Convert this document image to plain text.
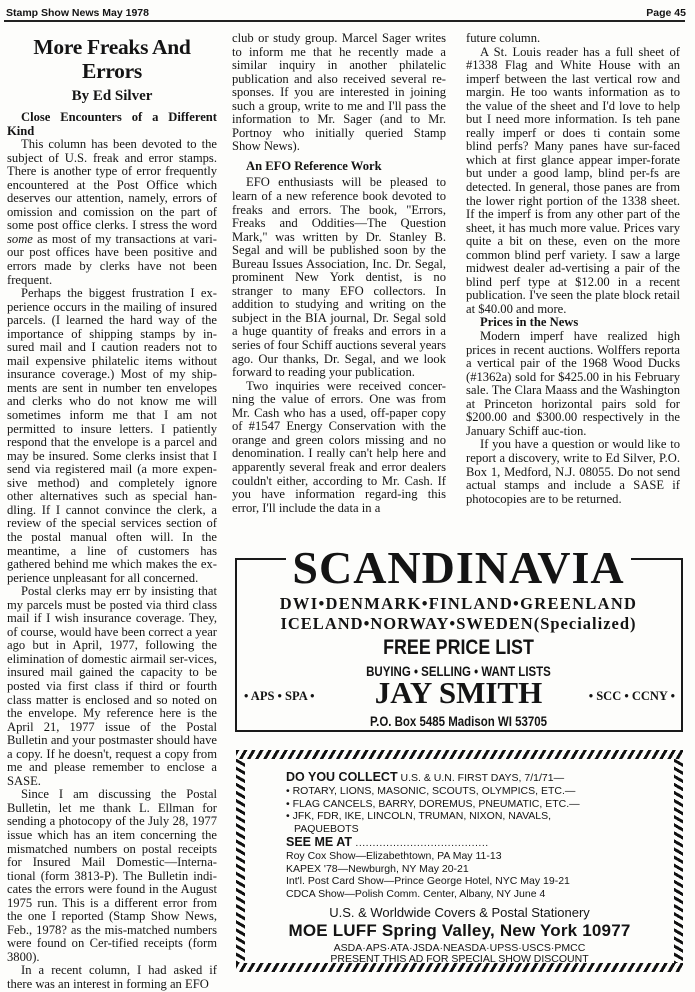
Stamp Show News May 1978	Page 45
More Freaks And
Errors
By Ed Silver

Close Encounters of a Different Kind

This column has been devoted to the subject of U.S. freak and error stamps. There is another type of error frequently encountered at the Post Office which deserves our attention, namely, errors of omission and comission on the part of some post office clerks. I stress the word some as most of my transactions at vari-our post offices have been positive and errors made by clerks have not been frequent.

Perhaps the biggest frustration I ex-perience occurs in the mailing of insured parcels. (I learned the hard way of the importance of shipping stamps by in-sured mail and I caution readers not to mail expensive philatelic items without insurance coverage.) Most of my ship-ments are sent in number ten envelopes and clerks who do not know me will sometimes inform me that I am not permitted to insure letters. I patiently respond that the envelope is a parcel and may be insured. Some clerks insist that I send via registered mail (a more expen-sive method) and completely ignore other alternatives such as special han-dling. If I cannot convince the clerk, a review of the special services section of the postal manual often will. In the meantime, a line of customers has gathered behind me which makes the ex-perience unpleasant for all concerned.

Postal clerks may err by insisting that my parcels must be posted via third class mail if I wish insurance coverage. They, of course, would have been correct a year ago but in April, 1977, following the elimination of domestic airmail ser-vices, insured mail gained the capacity to be posted via first class if third or fourth class matter is enclosed and so noted on the envelope. My reference here is the April 21, 1977 issue of the Postal Bulletin and your postmaster should have a copy. If he doesn't, request a copy from me and please remember to enclose a SASE.

Since I am discussing the Postal Bulletin, let me thank L. Ellman for sending a photocopy of the July 28, 1977 issue which has an item concerning the mismatched numbers on postal receipts for Insured Mail Domestic—Interna-tional (form 3813-P). The Bulletin indi-cates the errors were found in the August 1975 run. This is a different error from the one I reported (Stamp Show News, Feb., 1978? as the mis-matched numbers were found on Cer-tified receipts (form 3800).

In a recent column, I had asked if there was an interest in forming an EFO

club or study group. Marcel Sager writes to inform me that he recently made a similar inquiry in another philatelic publication and also received several re-sponses. If you are interested in joining such a group, write to me and I'll pass the information to Mr. Sager (and to Mr. Portnoy who initially queried Stamp Show News).

An EFO Reference Work

EFO enthusiasts will be pleased to learn of a new reference book devoted to freaks and errors. The book, "Errors, Freaks and Oddities—The Question Mark," was written by Dr. Stanley B. Segal and will be published soon by the Bureau Issues Association, Inc. Dr. Segal, prominent New York dentist, is no stranger to many EFO collectors. In addition to studying and writing on the subject in the BIA journal, Dr. Segal sold a huge quantity of freaks and errors in a series of four Schiff auctions several years ago. Our thanks, Dr. Segal, and we look forward to reading your publication.

Two inquiries were received concer-ning the value of errors. One was from Mr. Cash who has a used, off-paper copy of #1547 Energy Conservation with the orange and green colors missing and no denomination. I really can't help here and apparently several freak and error dealers couldn't either, according to Mr. Cash. If you have information regard-ing this error, I'll include the data in a

future column.

A St. Louis reader has a full sheet of #1338 Flag and White House with an imperf between the last vertical row and margin. He too wants information as to the value of the sheet and I'd love to help but I need more information. Is teh pane really imperf or does ti contain some blind perfs? Many panes have sur-faced which at first glance appear imper-forate but under a good lamp, blind per-fs are detected. In general, those panes are from the lower right portion of the 1338 sheet. If the imperf is from any other part of the sheet, it has much more value. Prices vary quite a bit on these, even on the more common blind perf variety. I saw a large midwest dealer ad-vertising a pair of the blind perf type at $12.00 in a recent publication. I've seen the plate block retail at $40.00 and more.

Prices in the News

Modern imperf have realized high prices in recent auctions. Wolffers reporta a vertical pair of the 1968 Wood Ducks (#1362a) sold for $425.00 in his February sale. The Clara Maass and the Washington at Princeton horizontal pairs sold for $200.00 and $300.00 respectively in the January Schiff auc-tion.

If you have a question or would like to report a discovery, write to Ed Silver, P.O. Box 1, Medford, N.J. 08055. Do not send actual stamps and include a SASE if photocopies are to be returned.

SCANDINAVIA
DWI•DENMARK•FINLAND•GREENLAND
ICELAND•NORWAY•SWEDEN(Specialized)
FREE PRICE LIST
BUYING • SELLING • WANT LISTS
• APS • SPA •	JAY SMITH	• SCC • CCNY •
P.O. Box 5485 Madison WI 53705
DO YOU COLLECT U.S. & U.N. FIRST DAYS, 7/1/71—
• ROTARY, LIONS, MASONIC, SCOUTS, OLYMPICS, ETC.—
• FLAG CANCELS, BARRY, DOREMUS, PNEUMATIC, ETC.—
• JFK, FDR, IKE, LINCOLN, TRUMAN, NIXON, NAVALS,
PAQUEBOTS
SEE ME AT .......................................
Roy Cox Show—Elizabethtown, PA May 11-13
KAPEX '78—Newburgh, NY May 20-21
Int'l. Post Card Show—Prince George Hotel, NYC May 19-21
CDCA Show—Polish Comm. Center, Albany, NY June 4
U.S. & Worldwide Covers & Postal Stationery
MOE LUFF Spring Valley, New York 10977
ASDA·APS·ATA·JSDA·NEASDA·UPSS·USCS·PMCC
PRESENT THIS AD FOR SPECIAL SHOW DISCOUNT
